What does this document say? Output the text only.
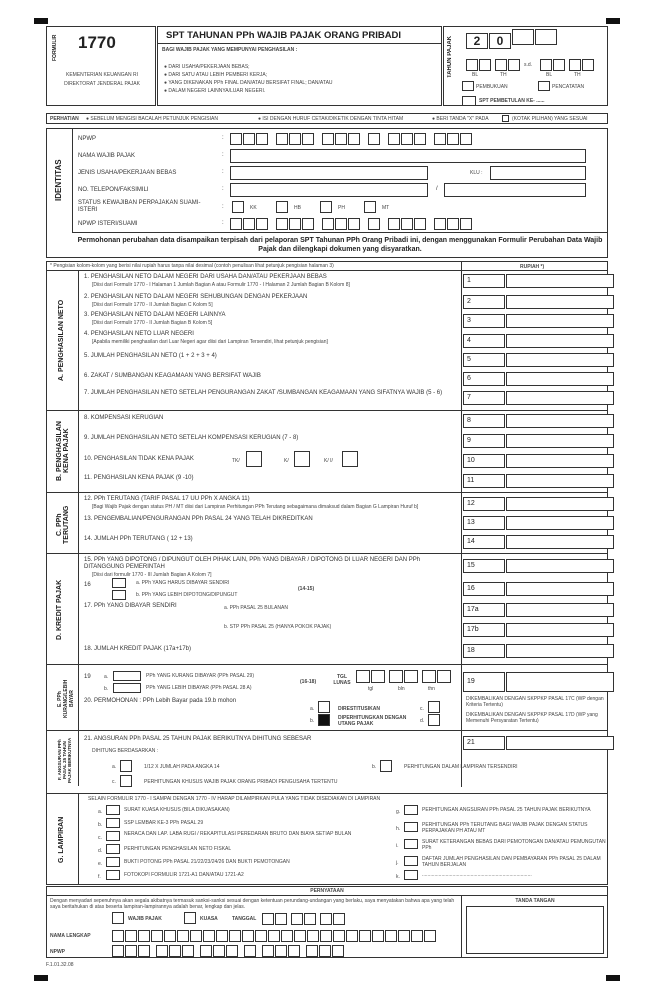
FORMULIR 1770
KEMENTERIAN KEUANGAN RI
DIREKTORAT JENDERAL PAJAK
SPT TAHUNAN PPh WAJIB PAJAK ORANG PRIBADI
BAGI WAJIB PAJAK YANG MEMPUNYAI PENGHASILAN :
● DARI USAHA/PEKERJAAN BEBAS;
● DARI SATU ATAU LEBIH PEMBERI KERJA;
● YANG DIKENAKAN PPh FINAL DAN/ATAU BERSIFAT FINAL; DAN/ATAU
● DALAM NEGERI LAINNYA/LUAR NEGERI.
TAHUN PAJAK	2 0
s.d.
BL	TH	BL	TH
PEMBUKUAN	PENCATATAN
SPT PEMBETULAN KE- ......
PERHATIAN ● SEBELUM MENGISI BACALAH PETUNJUK PENGISIAN	● ISI DENGAN HURUF CETAK/DIKETIK DENGAN TINTA HITAM	● BERI TANDA "X" PADA	(KOTAK PILIHAN) YANG SESUAI
IDENTITAS
NPWP	:
NAMA WAJIB PAJAK	:
JENIS USAHA/PEKERJAAN BEBAS	:	KLU :
NO. TELEPON/FAKSIMILI	:	/
STATUS KEWAJIBAN PERPAJAKAN SUAMI-ISTERI	:	KK	HB	PH	MT
NPWP ISTERI/SUAMI	:
Permohonan perubahan data disampaikan terpisah dari pelaporan SPT Tahunan PPh Orang Pribadi ini, dengan menggunakan Formulir Perubahan Data Wajib Pajak dan dilengkapi dokumen yang disyaratkan.
* Pengisian kolom-kolom yang berisi nilai rupiah harus tanpa nilai desimal (contoh penulisan lihat petunjuk pengisian halaman 3)	RUPIAH *)
A. PENGHASILAN NETO
1. PENGHASILAN NETO DALAM NEGERI DARI USAHA DAN/ATAU PEKERJAAN BEBAS
[Diisi dari Formulir 1770 - I Halaman 1 Jumlah Bagian A atau Formulir 1770 - I Halaman 2 Jumlah Bagian B Kolom 8]
1
2. PENGHASILAN NETO DALAM NEGERI SEHUBUNGAN DENGAN PEKERJAAN
[Diisi dari Formulir 1770 - II Jumlah Bagian C Kolom 5]	2
3. PENGHASILAN NETO DALAM NEGERI LAINNYA
[Diisi dari Formulir 1770 - II Jumlah Bagian B Kolom 5]	3
4. PENGHASILAN NETO LUAR NEGERI
[Apabila memiliki penghasilan dari Luar Negeri agar diisi dari Lampiran Tersendiri, lihat petunjuk pengisian]	4
5. JUMLAH PENGHASILAN NETO (1 + 2 + 3 + 4)	5
6. ZAKAT / SUMBANGAN KEAGAMAAN YANG BERSIFAT WAJIB	6
7. JUMLAH PENGHASILAN NETO SETELAH PENGURANGAN ZAKAT /SUMBANGAN KEAGAMAAN YANG SIFATNYA WAJIB (5 - 6)
7
B. PENGHASILAN KENA PAJAK
8. KOMPENSASI KERUGIAN	8
9. JUMLAH PENGHASILAN NETO SETELAH KOMPENSASI KERUGIAN (7 - 8)	9
10. PENGHASILAN TIDAK KENA PAJAK	TK/	K/	K/ I/	10
11. PENGHASILAN KENA PAJAK (9 -10)	11
C. PPh TERUTANG
12. PPh TERUTANG (TARIF PASAL 17 UU PPh X ANGKA 11)
[Bagi Wajib Pajak dengan status PH / MT diisi dari Lampiran Perhitungan PPh Terutang sebagaimana dimaksud dalam Bagian G Lampiran Huruf b]	12
13. PENGEMBALIAN/PENGURANGAN PPh PASAL 24 YANG TELAH DIKREDITKAN	13
14. JUMLAH PPh TERUTANG ( 12 + 13)	14
D. KREDIT PAJAK
15. PPh YANG DIPOTONG / DIPUNGUT OLEH PIHAK LAIN, PPh YANG DIBAYAR / DIPOTONG DI LUAR NEGERI DAN PPh DITANGGUNG PEMERINTAH
[Diisi dari formulir 1770 - III Jumlah Bagian A Kolom 7]
15
16	a. PPh YANG HARUS DIBAYAR SENDIRI
b. PPh YANG LEBIH DIPOTONG/DIPUNGUT
(14-15)	16
17. PPh YANG DIBAYAR SENDIRI	a. PPh PASAL 25 BULANAN	17a
b. STP PPh PASAL 25 (HANYA POKOK PAJAK)	17b
18. JUMLAH KREDIT PAJAK (17a+17b)	18
E. PPh KURANG/LEBIH BAYAR
19	a.	PPh YANG KURANG DIBAYAR (PPh PASAL 29)
b.	PPh YANG LEBIH DIBAYAR (PPh PASAL 28 A)
(16-18)
TGL LUNAS
tgl	bln	thn
19
20. PERMOHONAN : PPh Lebih Bayar pada 19.b mohon
a.	DIRESTITUSIKAN
b.	DIPERHITUNGKAN DENGAN UTANG PAJAK
c.
DIKEMBALIKAN DENGAN SKPPKP PASAL 17C (WP dengan Kriteria Tertentu)
d.
DIKEMBALIKAN DENGAN SKPPKP PASAL 17D (WP yang Memenuhi Persyaratan Tertentu)
F. ANGSURAN PPh PASAL 25 TAHUN PAJAK BERIKUTNYA 21. ANGSURAN PPh PASAL 25 TAHUN PAJAK BERIKUTNYA DIHITUNG SEBESAR
DIHITUNG BERDASARKAN :
21
a.	1/12 X JUMLAH PADA ANGKA 14	b.	PERHITUNGAN DALAM LAMPIRAN TERSENDIRI
c.	PERHITUNGAN KHUSUS WAJIB PAJAK ORANG PRIBADI PENGUSAHA TERTENTU
G. LAMPIRAN
SELAIN FORMULIR 1770 - I SAMPAI DENGAN 1770 - IV HARAP DILAMPIRKAN PULA YANG TIDAK DISEDIAKAN DI LAMPIRAN
a.	SURAT KUASA KHUSUS (BILA DIKUASAKAN)
b.	SSP LEMBAR KE-3 PPh PASAL 29
c.
NERACA DAN LAP. LABA RUGI / REKAPITULASI PEREDARAN BRUTO DAN BIAYA SETIAP BULAN
d.	PERHITUNGAN PENGHASILAN NETO FISKAL
e.	BUKTI POTONG PPh PASAL 21/22/23/24/26 DAN BUKTI PEMOTONGAN
f.	FOTOKOPI FORMULIR 1721-A1 DAN/ATAU 1721-A2
g.	PERHITUNGAN ANGSURAN PPh PASAL 25 TAHUN PAJAK BERIKUTNYA
h.
PERHITUNGAN PPh TERUTANG BAGI WAJIB PAJAK DENGAN STATUS PERPAJAKAN PH ATAU MT
i.
SURAT KETERANGAN BEBAS DARI PEMOTONGAN DAN/ATAU PEMUNGUTAN PPh
j.
DAFTAR JUMLAH PENGHASILAN DAN PEMBAYARAN PPh PASAL 25 DALAM TAHUN BERJALAN
k.	...............................................................................
PERNYATAAN
Dengan menyadari sepenuhnya akan segala akibatnya termasuk sanksi-sanksi sesuai dengan ketentuan perundang-undangan yang berlaku, saya menyatakan bahwa apa yang telah saya beritahukan di atas beserta lampiran-lampirannya adalah benar, lengkap dan jelas.
TANDA TANGAN
WAJIB PAJAK	KUASA	TANGGAL
NAMA LENGKAP
NPWP
F.1.01.32.08
